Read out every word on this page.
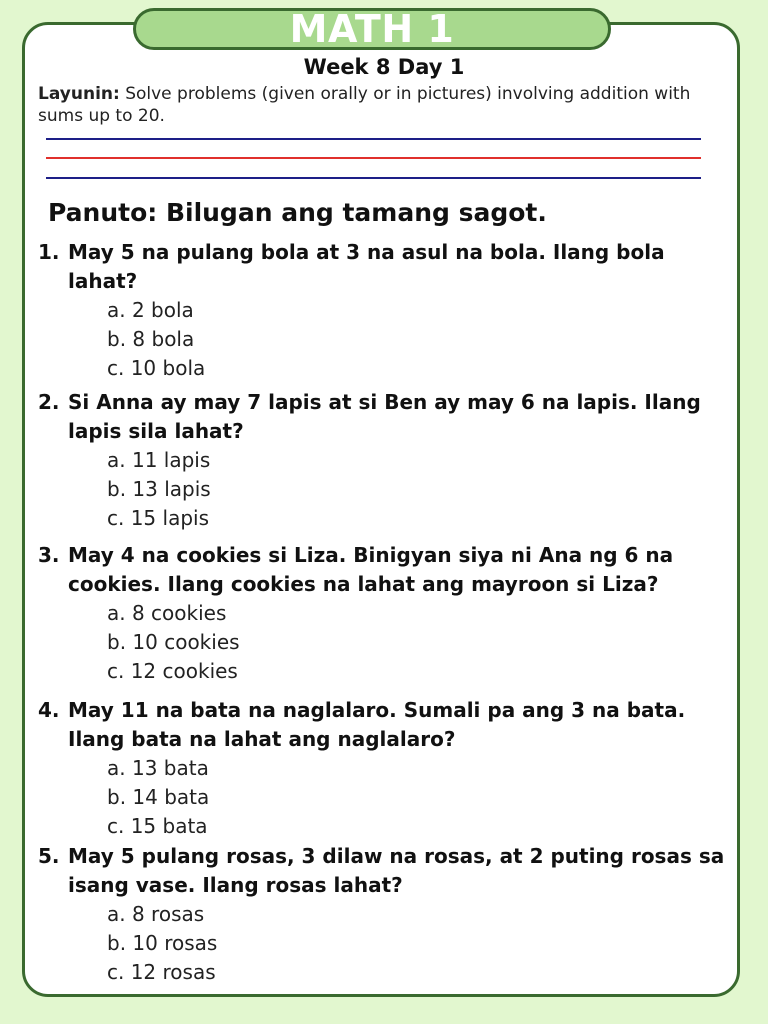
MATH 1
Week 8 Day 1
Layunin: Solve problems (given orally or in pictures) involving addition with sums up to 20.
Panuto: Bilugan ang tamang sagot.
1. May 5 na pulang bola at 3 na asul na bola. Ilang bola lahat?
a. 2 bola
b. 8 bola
c. 10 bola
2. Si Anna ay may 7 lapis at si Ben ay may 6 na lapis. Ilang lapis sila lahat?
a. 11 lapis
b. 13 lapis
c. 15 lapis
3. May 4 na cookies si Liza. Binigyan siya ni Ana ng 6 na cookies. Ilang cookies na lahat ang mayroon si Liza?
a. 8 cookies
b. 10 cookies
c. 12 cookies
4. May 11 na bata na naglalaro. Sumali pa ang 3 na bata. Ilang bata na lahat ang naglalaro?
a. 13 bata
b. 14 bata
c. 15 bata
5. May 5 pulang rosas, 3 dilaw na rosas, at 2 puting rosas sa isang vase. Ilang rosas lahat?
a. 8 rosas
b. 10 rosas
c. 12 rosas
